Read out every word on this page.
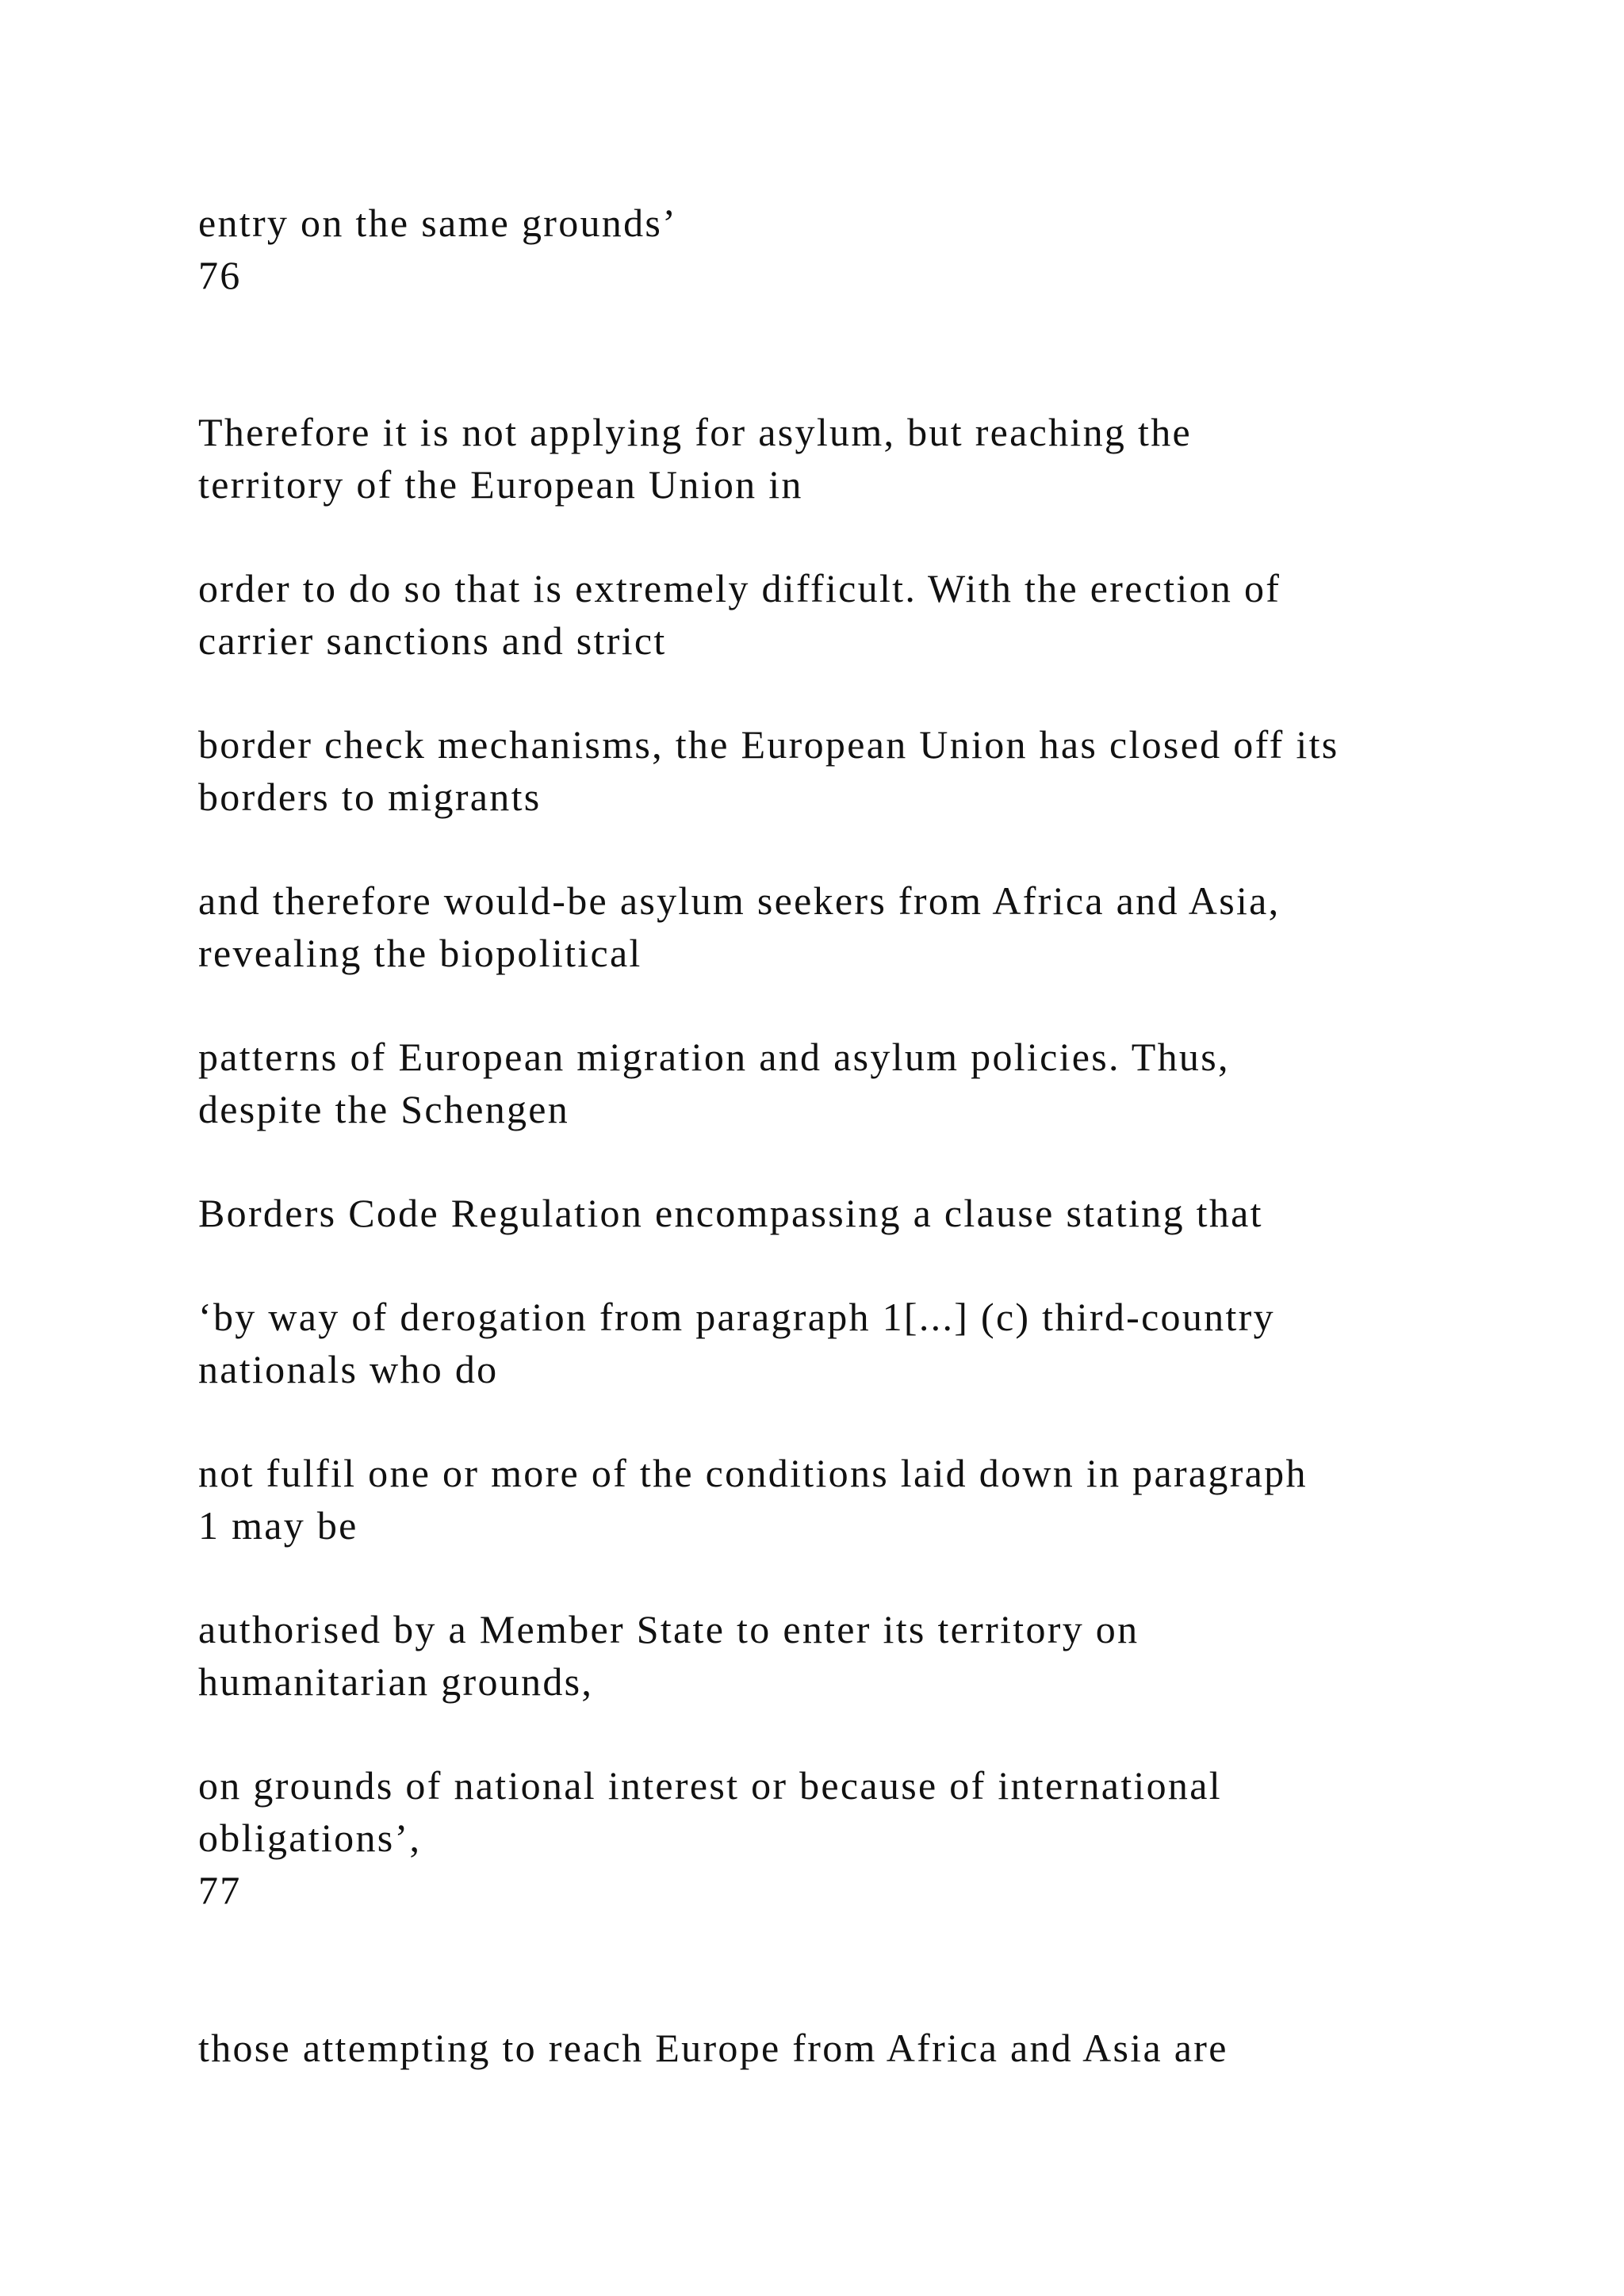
entry on the same grounds’

76

Therefore it is not applying for asylum, but reaching the

territory of the European Union in

order to do so that is extremely difficult. With the erection of

carrier sanctions and strict

border check mechanisms, the European Union has closed off its

borders to migrants

and therefore would-be asylum seekers from Africa and Asia,

revealing the biopolitical

patterns of European migration and asylum policies. Thus,

despite the Schengen

Borders Code Regulation encompassing a clause stating that

‘by way of derogation from paragraph 1[...] (c) third-country

nationals who do

not fulfil one or more of the conditions laid down in paragraph

1 may be

authorised by a Member State to enter its territory on

humanitarian grounds,

on grounds of national interest or because of international

obligations’,

77

those attempting to reach Europe from Africa and Asia are
